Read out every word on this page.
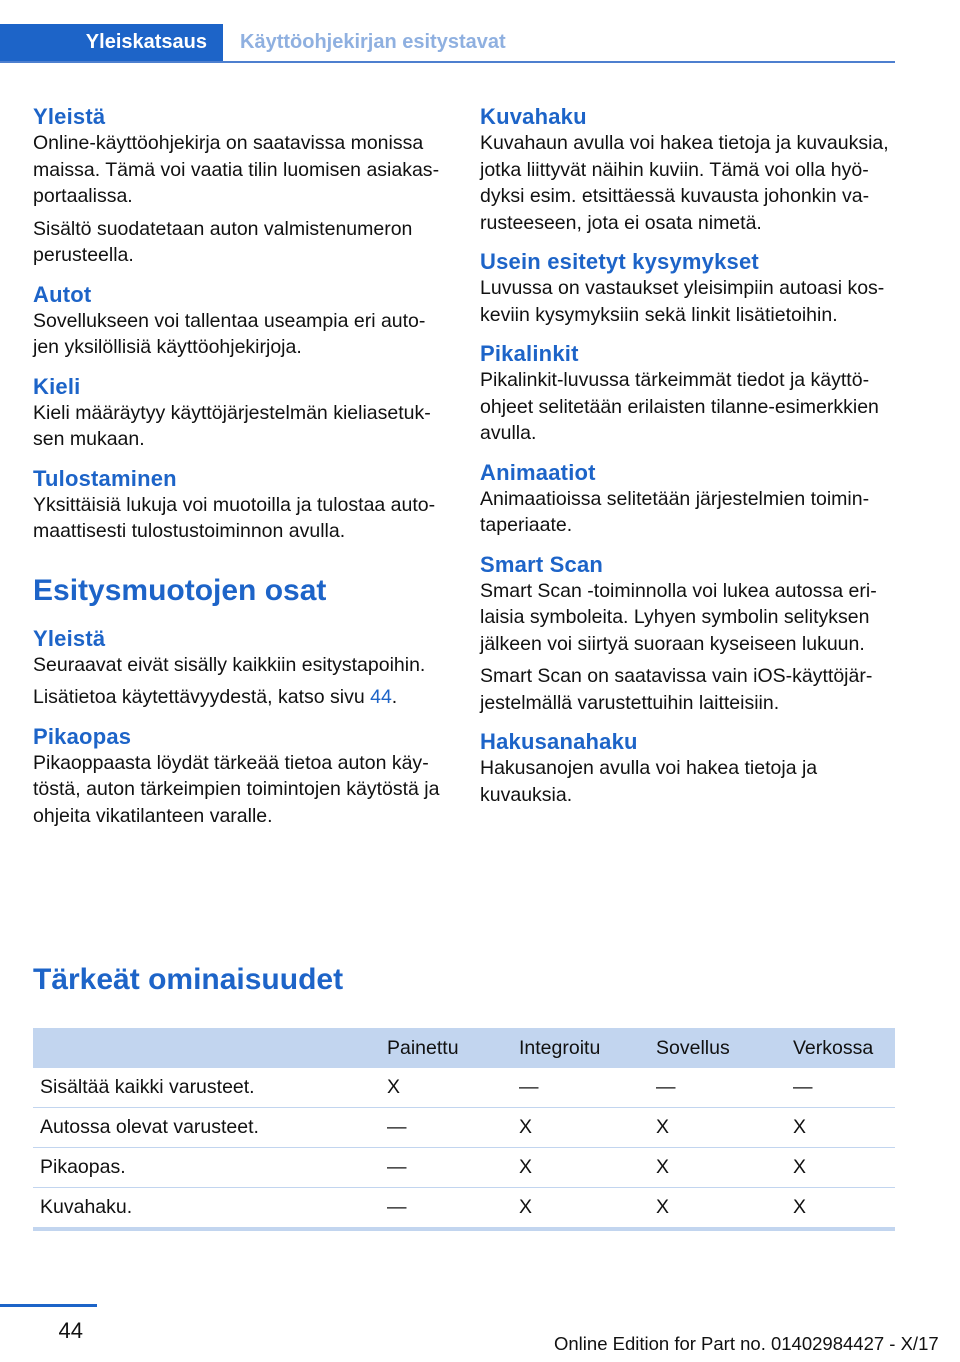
Yleiskatsaus	Käyttöohjekirjan esitystavat
Yleistä

Online-käyttöohjekirja on saatavissa monissa maissa. Tämä voi vaatia tilin luomisen asiakasportaalissa.

Sisältö suodatetaan auton valmistenumeron perusteella.

Autot

Sovellukseen voi tallentaa useampia eri autojen yksilöllisiä käyttöohjekirjoja.

Kieli

Kieli määräytyy käyttöjärjestelmän kieliasetuksen mukaan.

Tulostaminen

Yksittäisiä lukuja voi muotoilla ja tulostaa automaattisesti tulostustoiminnon avulla.

Esitysmuotojen osat
Yleistä

Seuraavat eivät sisälly kaikkiin esitystapoihin.

Lisätietoa käytettävyydestä, katso sivu 44.

Pikaopas

Pikaoppaasta löydät tärkeää tietoa auton käytöstä, auton tärkeimpien toimintojen käytöstä ja ohjeita vikatilanteen varalle.

Kuvahaku

Kuvahaun avulla voi hakea tietoja ja kuvauksia, jotka liittyvät näihin kuviin. Tämä voi olla hyödyksi esim. etsittäessä kuvausta johonkin varusteeseen, jota ei osata nimetä.

Usein esitetyt kysymykset

Luvussa on vastaukset yleisimpiin autoasi koskeviin kysymyksiin sekä linkit lisätietoihin.

Pikalinkit

Pikalinkit-luvussa tärkeimmät tiedot ja käyttöohjeet selitetään erilaisten tilanne-esimerkkien avulla.

Animaatiot

Animaatioissa selitetään järjestelmien toimintaperiaate.

Smart Scan

Smart Scan -toiminnolla voi lukea autossa erilaisia symboleita. Lyhyen symbolin selityksen jälkeen voi siirtyä suoraan kyseiseen lukuun.

Smart Scan on saatavissa vain iOS-käyttöjärjestelmällä varustettuihin laitteisiin.

Hakusanahaku

Hakusanojen avulla voi hakea tietoja ja kuvauksia.

Tärkeät ominaisuudet
	Painettu	Integroitu	Sovellus	Verkossa
Sisältää kaikki varusteet.	X	—	—	—
Autossa olevat varusteet.	—	X	X	X
Pikaopas.	—	X	X	X
Kuvahaku.	—	X	X	X
44
Online Edition for Part no. 01402984427 - X/17
